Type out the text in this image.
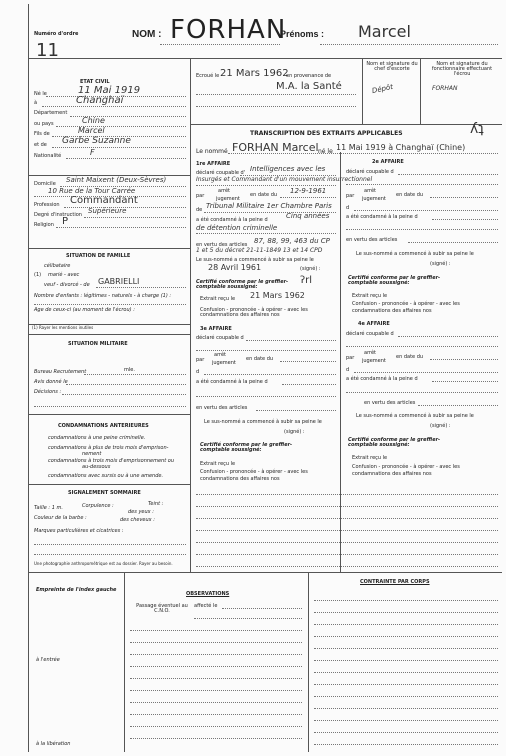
Numéro d'ordre
11
NOM : FORHAN
Prénoms : Marcel
ETAT CIVIL
Né le	11 Mai 1919
à	Changhaï
Département
ou pays	Chine
Fils de	Marcel
et de Garbe Suzanne
Nationalité	F
Domicile Saint Maixent (Deux-Sèvres)
10 Rue de la Tour Carrée
Profession Commandant
Degré d'instruction Supérieure
Religion P
Ecroué le 21 Mars 1962
en provenance de
M.A. la Santé
Nom et signature du chef d'escorte
Dépôt
Nom et signature du fonctionnaire effectuant l'écrou
FORHAN
ʎʇ
TRANSCRIPTION DES EXTRAITS APPLICABLES
Le nommé FORHAN Marcel né le 11 Mai 1919 à Changhaï (Chine)
1re AFFAIRE
déclaré coupable d' Intelligences avec les
Insurgés et Commandant d'un mouvement insurrectionnel
par
arrêt
jugement
en date du 12-9-1961
de Tribunal Militaire 1er Chambre Paris
a été condamné à la peine d	Cinq années
de détention criminelle
en vertu des articles 87, 88, 99, 463 du CP
1 et 5 du décret 21-11-1849 13 et 14 CPD
Le sus-nommé a commencé à subir sa peine le
28 Avril 1961	(signé) :
Certifié conforme par le greffier-comptable soussigné:
ʔrl
Extrait reçu le 21 Mars 1962
Confusion - prononcée - à opérer - avec les condamnations des affaires nos
2e AFFAIRE
déclaré coupable d
par
arrêt
jugement
en date du
d
a été condamné à la peine d
en vertu des articles
Le sus-nommé a commencé à subir sa peine le
(signé) :
Certifié conforme par le greffier-comptable soussigné:
Extrait reçu le
Confusion - prononcée - à opérer - avec les
condamnations des affaires nos
3e AFFAIRE
déclaré coupable d
par
arrêt
jugement
en date du
d
a été condamné à la peine d
en vertu des articles
Le sus-nommé a commencé à subir sa peine le
(signé) :
Certifié conforme par le greffier-comptable soussigné:
Extrait reçu le
Confusion - prononcée - à opérer - avec les
condamnations des affaires nos
4e AFFAIRE
déclaré coupable d
par
arrêt
jugement
en date du
d
a été condamné à la peine d
en vertu des articles
Le sus-nommé a commencé à subir sa peine le
(signé) :
Certifié conforme par le greffier-comptable soussigné:
Extrait reçu le
Confusion - prononcée - à opérer - avec les
condamnations des affaires nos
SITUATION DE FAMILLE
célibataire
(1) marié - avec
veuf - divorcé - de GABRIELLI
Nombre d'enfants : légitimes - naturels - à charge (1) :
Age de ceux-ci (au moment de l'écrou) :
(1) Rayer les mentions inutiles
SITUATION MILITAIRE
Bureau Recrutement	mle.
Avis donné le
Décisions :
CONDAMNATIONS ANTERIEURES
condamnations à une peine criminelle.
condamnations à plus de trois mois d'emprison-
nement
condamnations à trois mois d'emprisonnement ou
au-dessous
condamnations avec sursis ou à une amende.
SIGNALEMENT SOMMAIRE
Taille : 1 m.	Corpulence :	Teint :
des yeux :
Couleur de la barbe :	des cheveux :
Marques particulières et cicatrices :
Une photographie anthropométrique est au dossier. Rayer au besoin.
Empreinte de l'index gauche
à l'entrée
à la libération
OBSERVATIONS
Passage éventuel au C.N.O.
affecté le
CONTRAINTE PAR CORPS
